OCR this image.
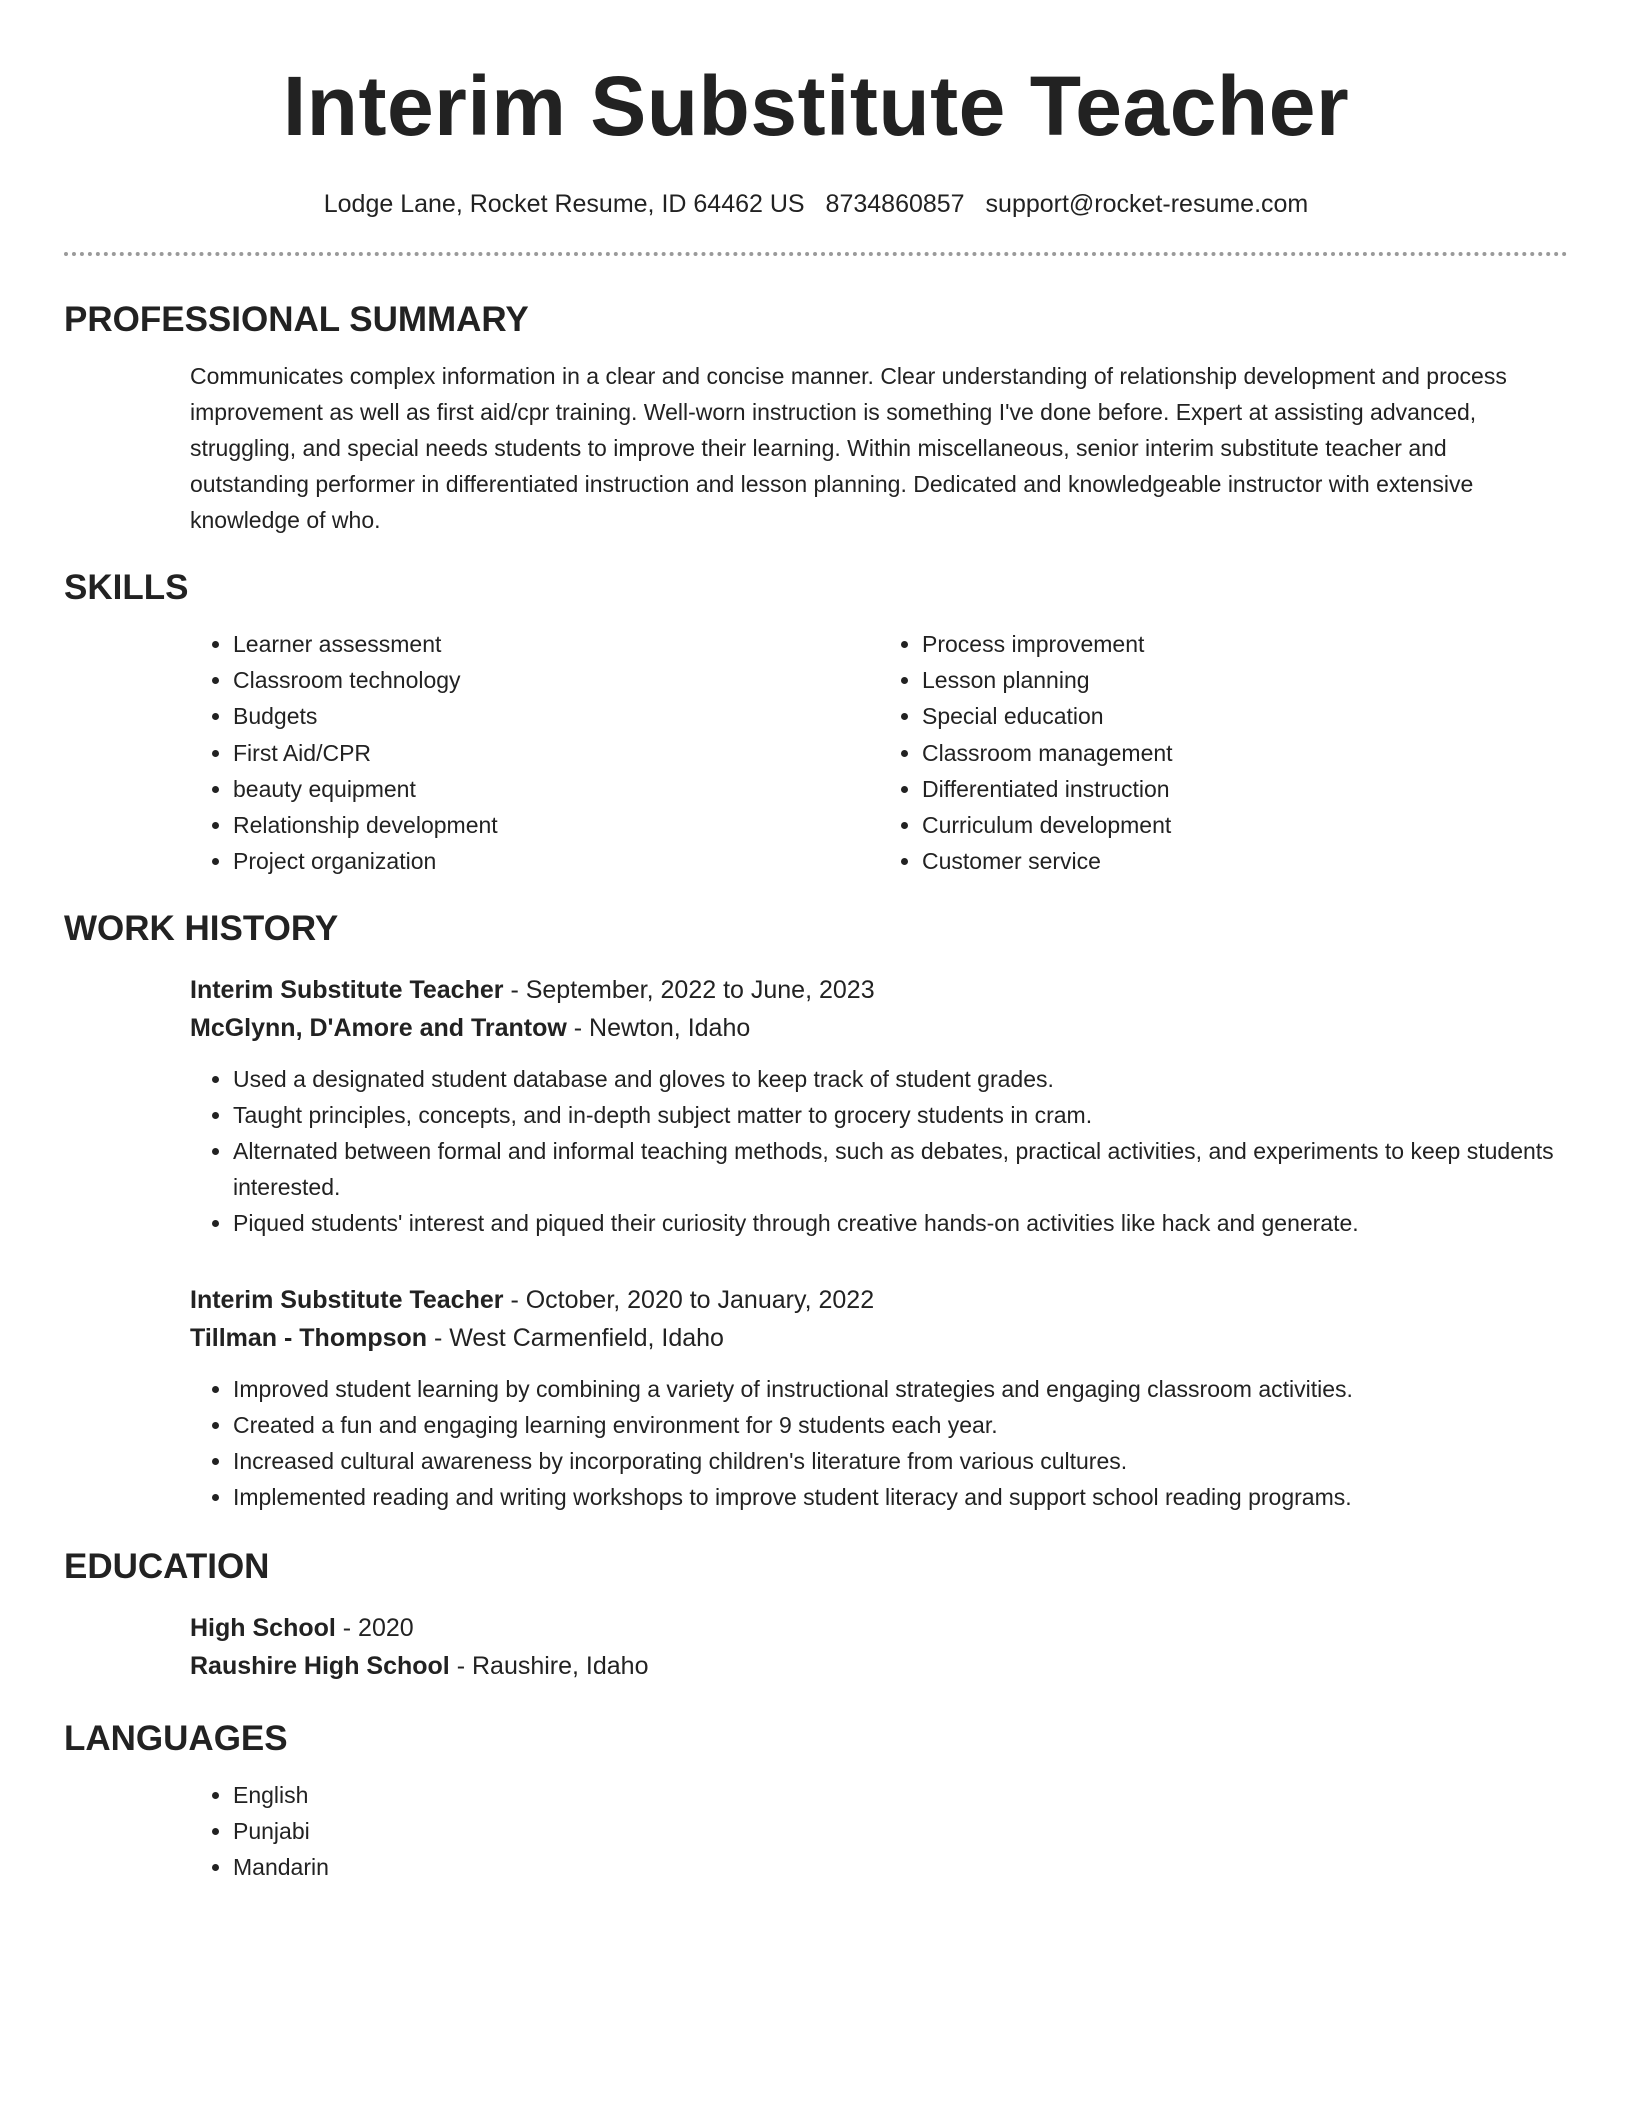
Interim Substitute Teacher
Lodge Lane, Rocket Resume, ID 64462 US 8734860857 support@rocket-resume.com
PROFESSIONAL SUMMARY
Communicates complex information in a clear and concise manner. Clear understanding of relationship development and process improvement as well as first aid/cpr training. Well-worn instruction is something I've done before. Expert at assisting advanced, struggling, and special needs students to improve their learning. Within miscellaneous, senior interim substitute teacher and outstanding performer in differentiated instruction and lesson planning. Dedicated and knowledgeable instructor with extensive knowledge of who.
SKILLS
• Learner assessment
• Classroom technology
• Budgets
• First Aid/CPR
• beauty equipment
• Relationship development
• Project organization
• Process improvement
• Lesson planning
• Special education
• Classroom management
• Differentiated instruction
• Curriculum development
• Customer service
WORK HISTORY
Interim Substitute Teacher - September, 2022 to June, 2023
McGlynn, D'Amore and Trantow - Newton, Idaho
• Used a designated student database and gloves to keep track of student grades.
• Taught principles, concepts, and in-depth subject matter to grocery students in cram.
• Alternated between formal and informal teaching methods, such as debates, practical activities, and experiments to keep students interested.
• Piqued students' interest and piqued their curiosity through creative hands-on activities like hack and generate.
Interim Substitute Teacher - October, 2020 to January, 2022
Tillman - Thompson - West Carmenfield, Idaho
• Improved student learning by combining a variety of instructional strategies and engaging classroom activities.
• Created a fun and engaging learning environment for 9 students each year.
• Increased cultural awareness by incorporating children's literature from various cultures.
• Implemented reading and writing workshops to improve student literacy and support school reading programs.
EDUCATION
High School - 2020
Raushire High School - Raushire, Idaho
LANGUAGES
• English
• Punjabi
• Mandarin
